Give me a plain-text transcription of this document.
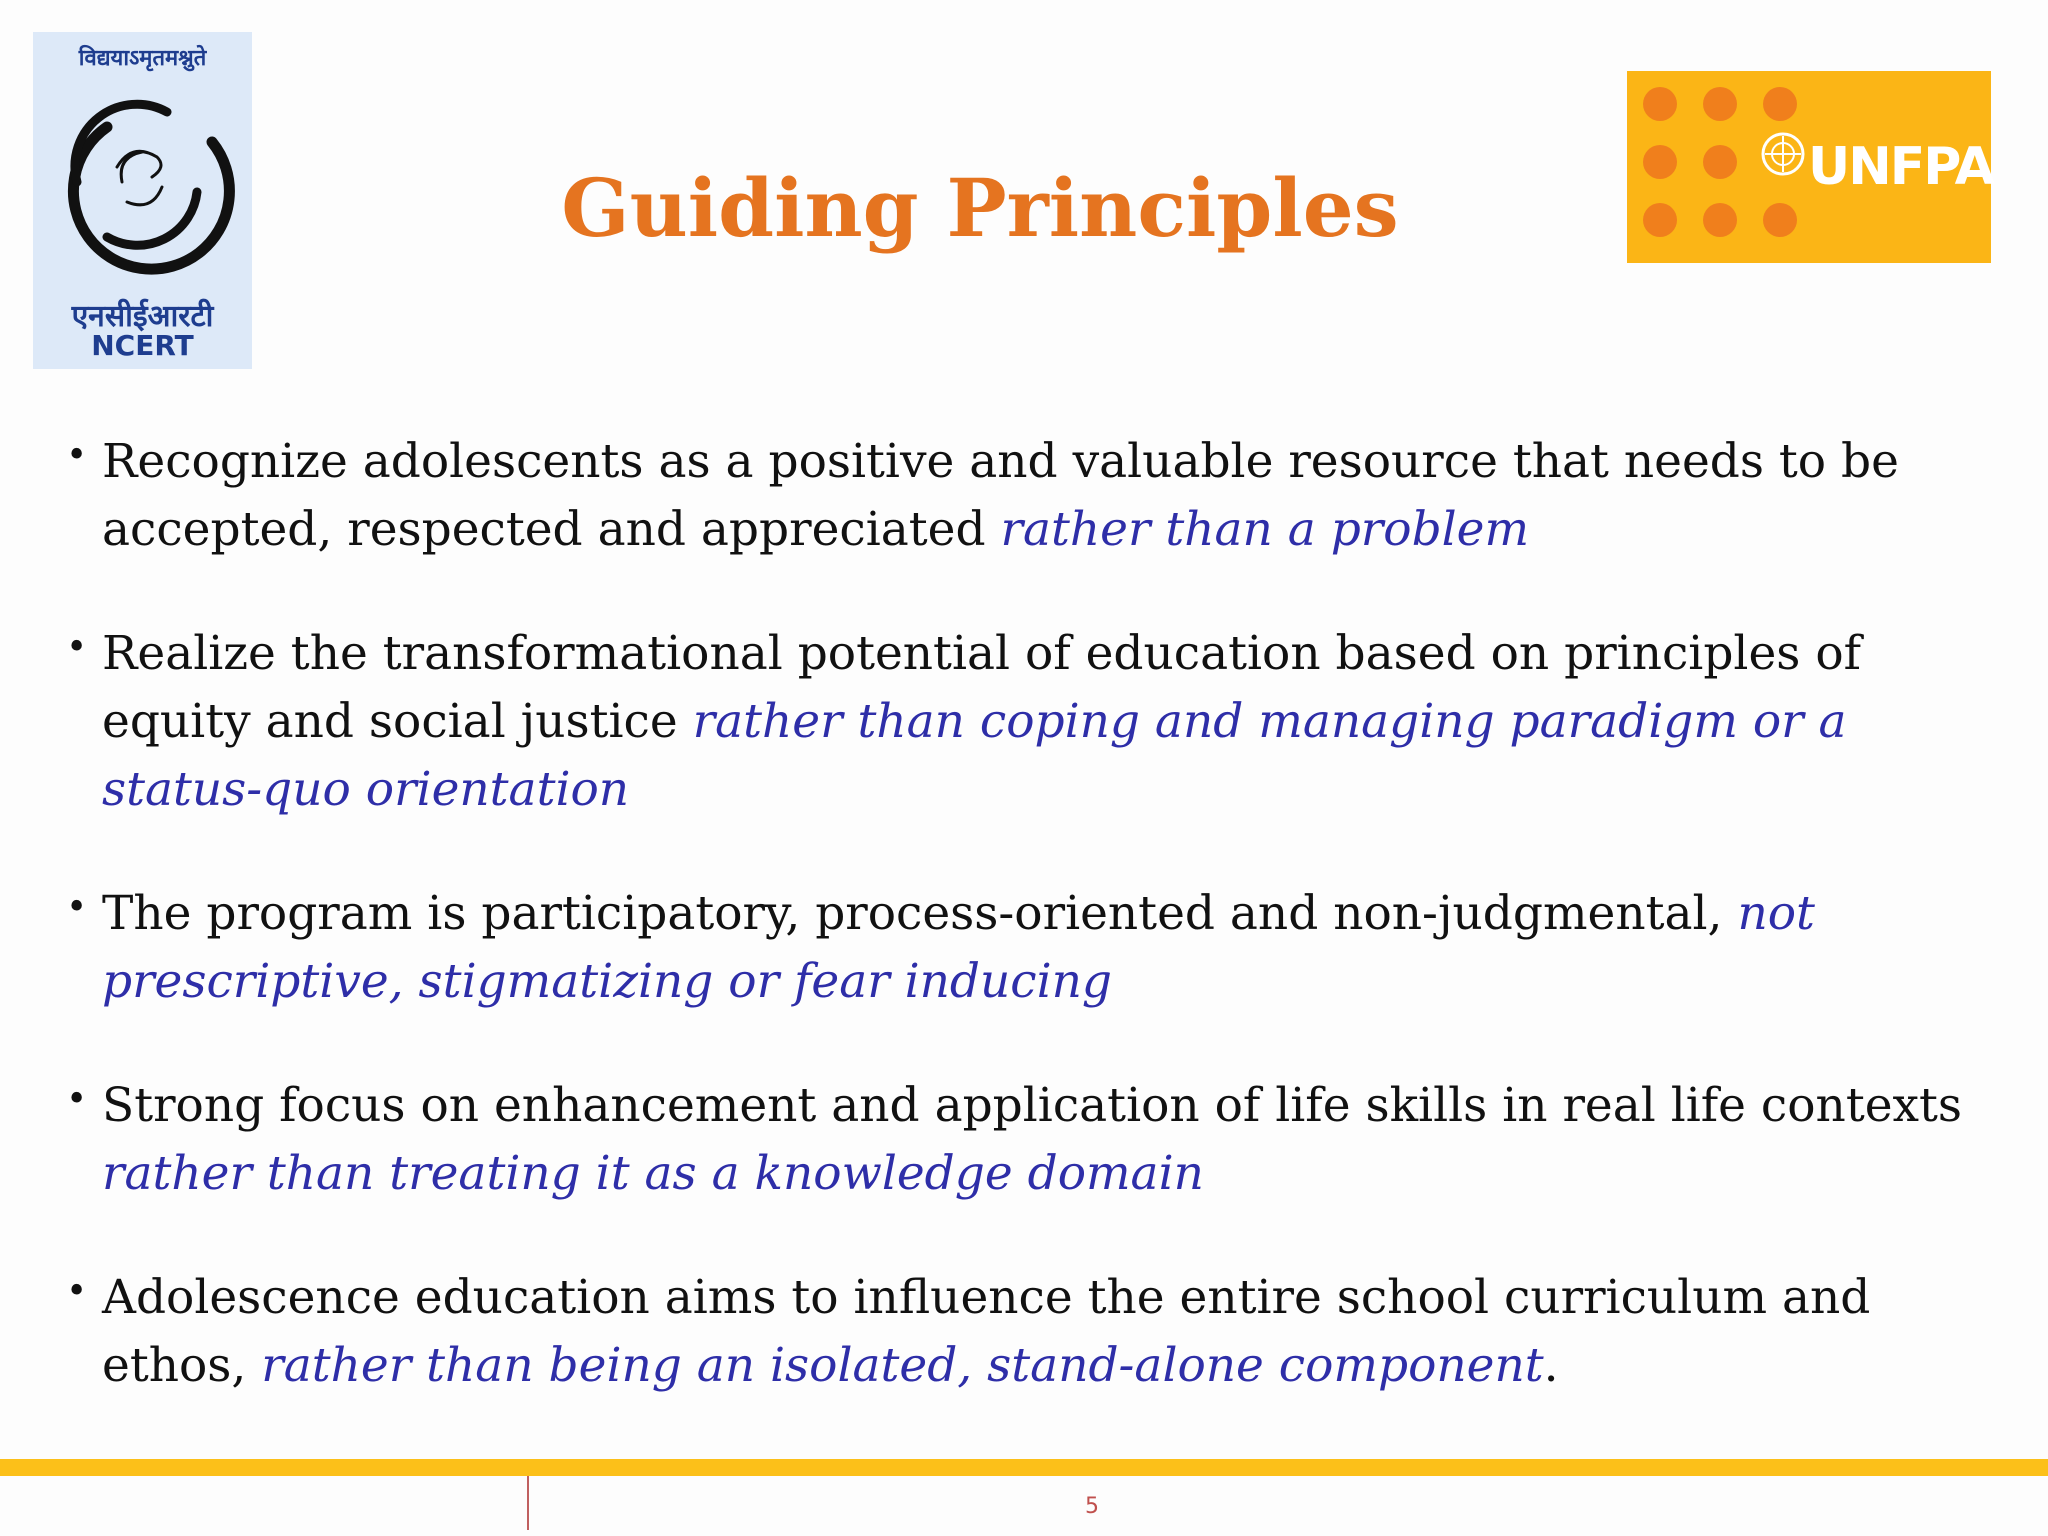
विद्ययाऽमृतमश्नुते
एनसीईआरटी
NCERT
UNFPA
Guiding Principles
• Recognize adolescents as a positive and valuable resource that needs to be accepted, respected and appreciated rather than a problem
• Realize the transformational potential of education based on principles of equity and social justice rather than coping and managing paradigm or a status-quo orientation
• The program is participatory, process-oriented and non-judgmental, not prescriptive, stigmatizing or fear inducing
• Strong focus on enhancement and application of life skills in real life contexts rather than treating it as a knowledge domain
• Adolescence education aims to influence the entire school curriculum and ethos, rather than being an isolated, stand-alone component.
5
